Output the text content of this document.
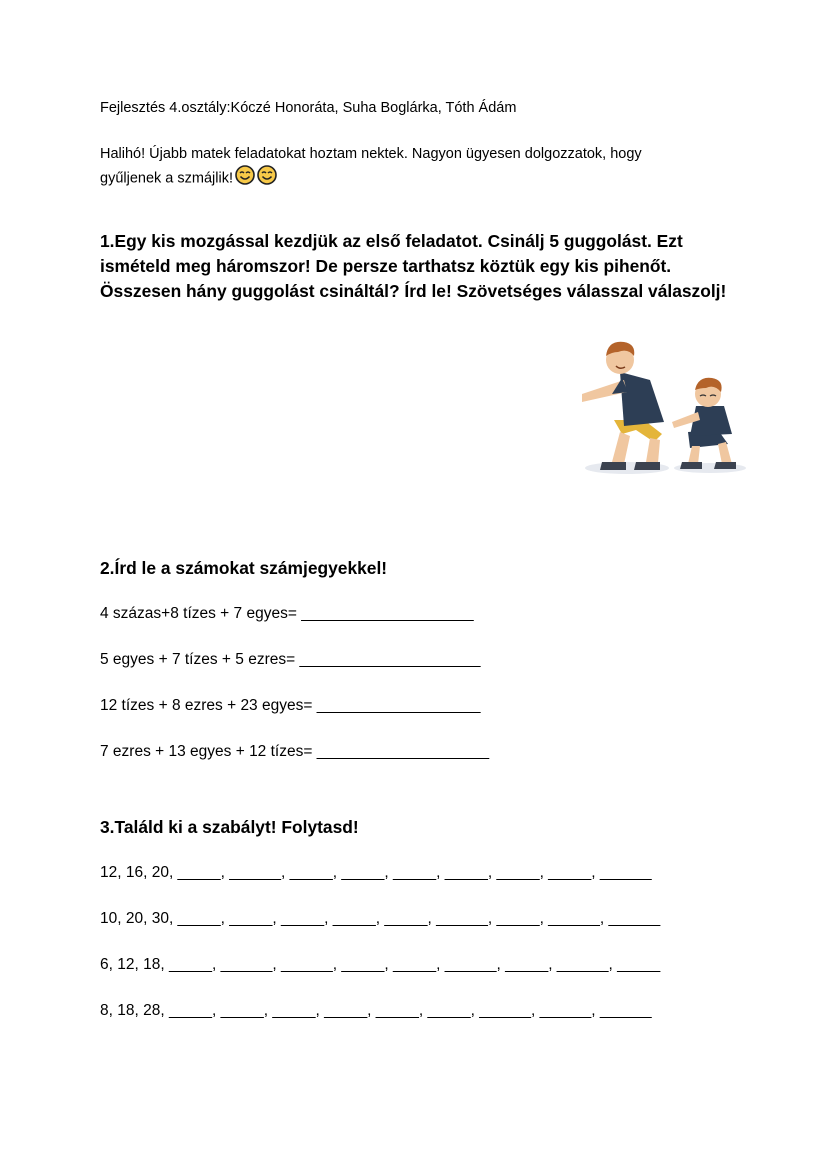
Fejlesztés 4.osztály:Kóczé Honoráta, Suha Boglárka, Tóth Ádám
Halihó! Újabb matek feladatokat hoztam nektek. Nagyon ügyesen dolgozzatok, hogy
gyűljenek a szmájlik!
1.Egy kis mozgással kezdjük az első feladatot. Csinálj 5 guggolást. Ezt ismételd meg háromszor! De persze tarthatsz köztük egy kis pihenőt. Összesen hány guggolást csináltál? Írd le! Szövetséges válasszal válaszolj!
2.Írd le a számokat számjegyekkel!
4 százas+8 tízes + 7 egyes= ____________________
5 egyes + 7 tízes + 5 ezres= _____________________
12 tízes + 8 ezres + 23 egyes= ___________________
7 ezres + 13 egyes + 12 tízes= ____________________
3.Találd ki a szabályt! Folytasd!
12, 16, 20, _____, ______, _____, _____, _____, _____, _____, _____, ______
10, 20, 30, _____, _____, _____, _____, _____, ______, _____, ______, ______
6, 12, 18, _____, ______, ______, _____, _____, ______, _____, ______, _____
8, 18, 28, _____, _____, _____, _____, _____, _____, ______, ______, ______
